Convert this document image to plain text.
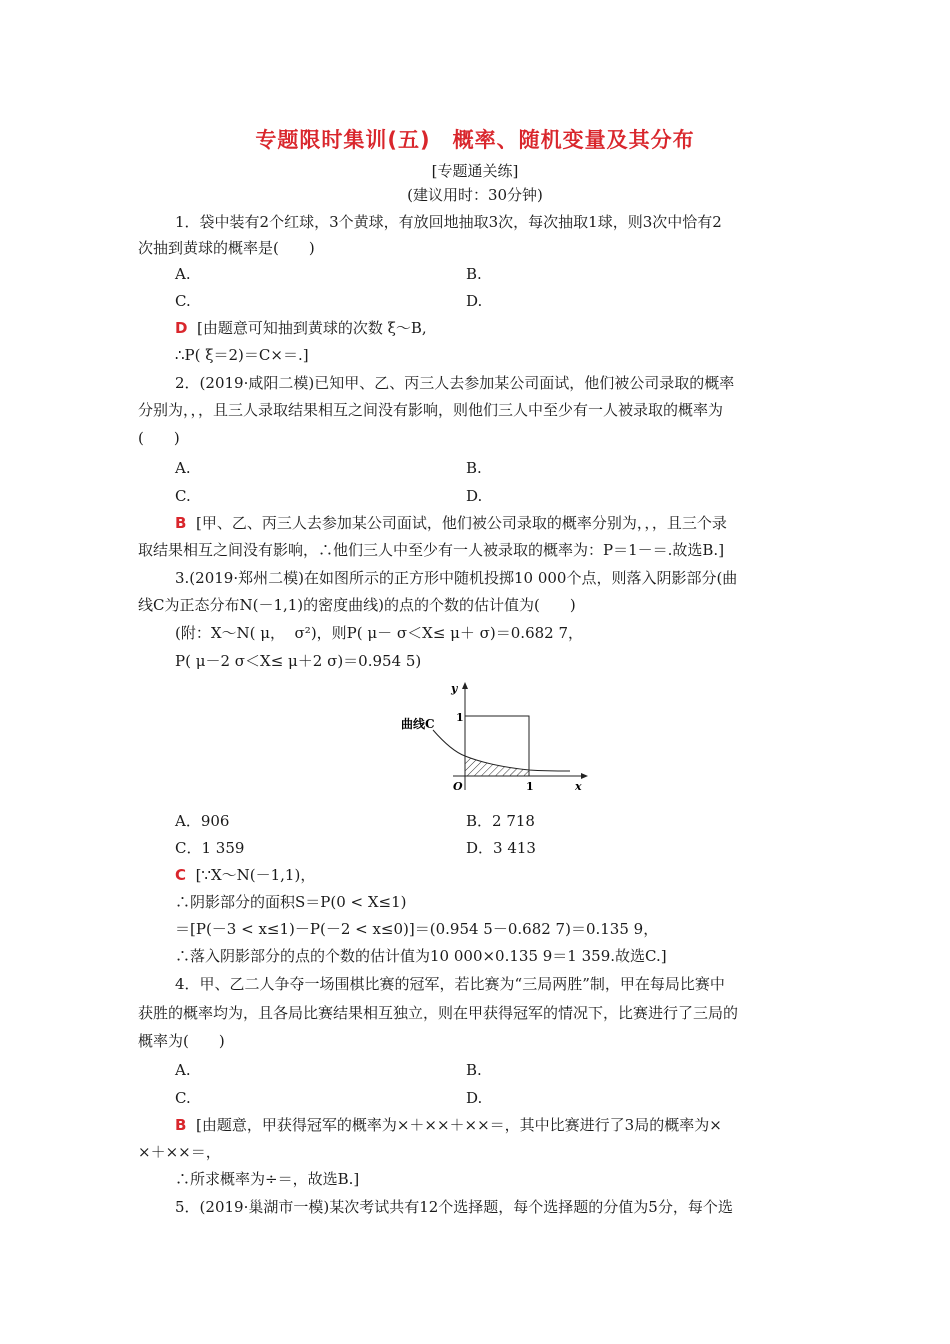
专题限时集训(五)　概率、随机变量及其分布
[专题通关练]
(建议用时：30分钟)
1．袋中装有2个红球，3个黄球，有放回地抽取3次，每次抽取1球，则3次中恰有2
次抽到黄球的概率是(　　)
A.	B.
C.	D.
D [由题意可知抽到黄球的次数 ξ～B,
∴P( ξ＝2)＝C×＝.]
2．(2019·咸阳二模)已知甲、乙、丙三人去参加某公司面试，他们被公司录取的概率
分别为，，，且三人录取结果相互之间没有影响，则他们三人中至少有一人被录取的概率为
(　　)
A.	B.
C.	D.
B [甲、乙、丙三人去参加某公司面试，他们被公司录取的概率分别为，，，且三个录
取结果相互之间没有影响，∴他们三人中至少有一人被录取的概率为：P＝1－＝.故选B.]
3.(2019·郑州二模)在如图所示的正方形中随机投掷10 000个点，则落入阴影部分(曲
线C为正态分布N(－1,1)的密度曲线)的点的个数的估计值为(　　)
(附：X～N( μ，  σ²)，则P( μ－ σ＜X≤ μ＋ σ)＝0.682 7，
P( μ－2 σ＜X≤ μ＋2 σ)＝0.954 5)
曲线C
y
x
O	1
1
A．906	B．2 718
C．1 359	D．3 413
C [∵X～N(－1,1)，
∴阴影部分的面积S＝P(0 < X≤1)
＝[P(－3 < x≤1)－P(－2 < x≤0)]＝(0.954 5－0.682 7)＝0.135 9，
∴落入阴影部分的点的个数的估计值为10 000×0.135 9＝1 359.故选C.]
4．甲、乙二人争夺一场围棋比赛的冠军，若比赛为“三局两胜”制，甲在每局比赛中
获胜的概率均为，且各局比赛结果相互独立，则在甲获得冠军的情况下，比赛进行了三局的
概率为(　　)
A.	B.
C.	D.
B [由题意，甲获得冠军的概率为×＋××＋××＝，其中比赛进行了3局的概率为×
×＋××＝，
∴所求概率为÷＝，故选B.]
5．(2019·巢湖市一模)某次考试共有12个选择题，每个选择题的分值为5分，每个选
